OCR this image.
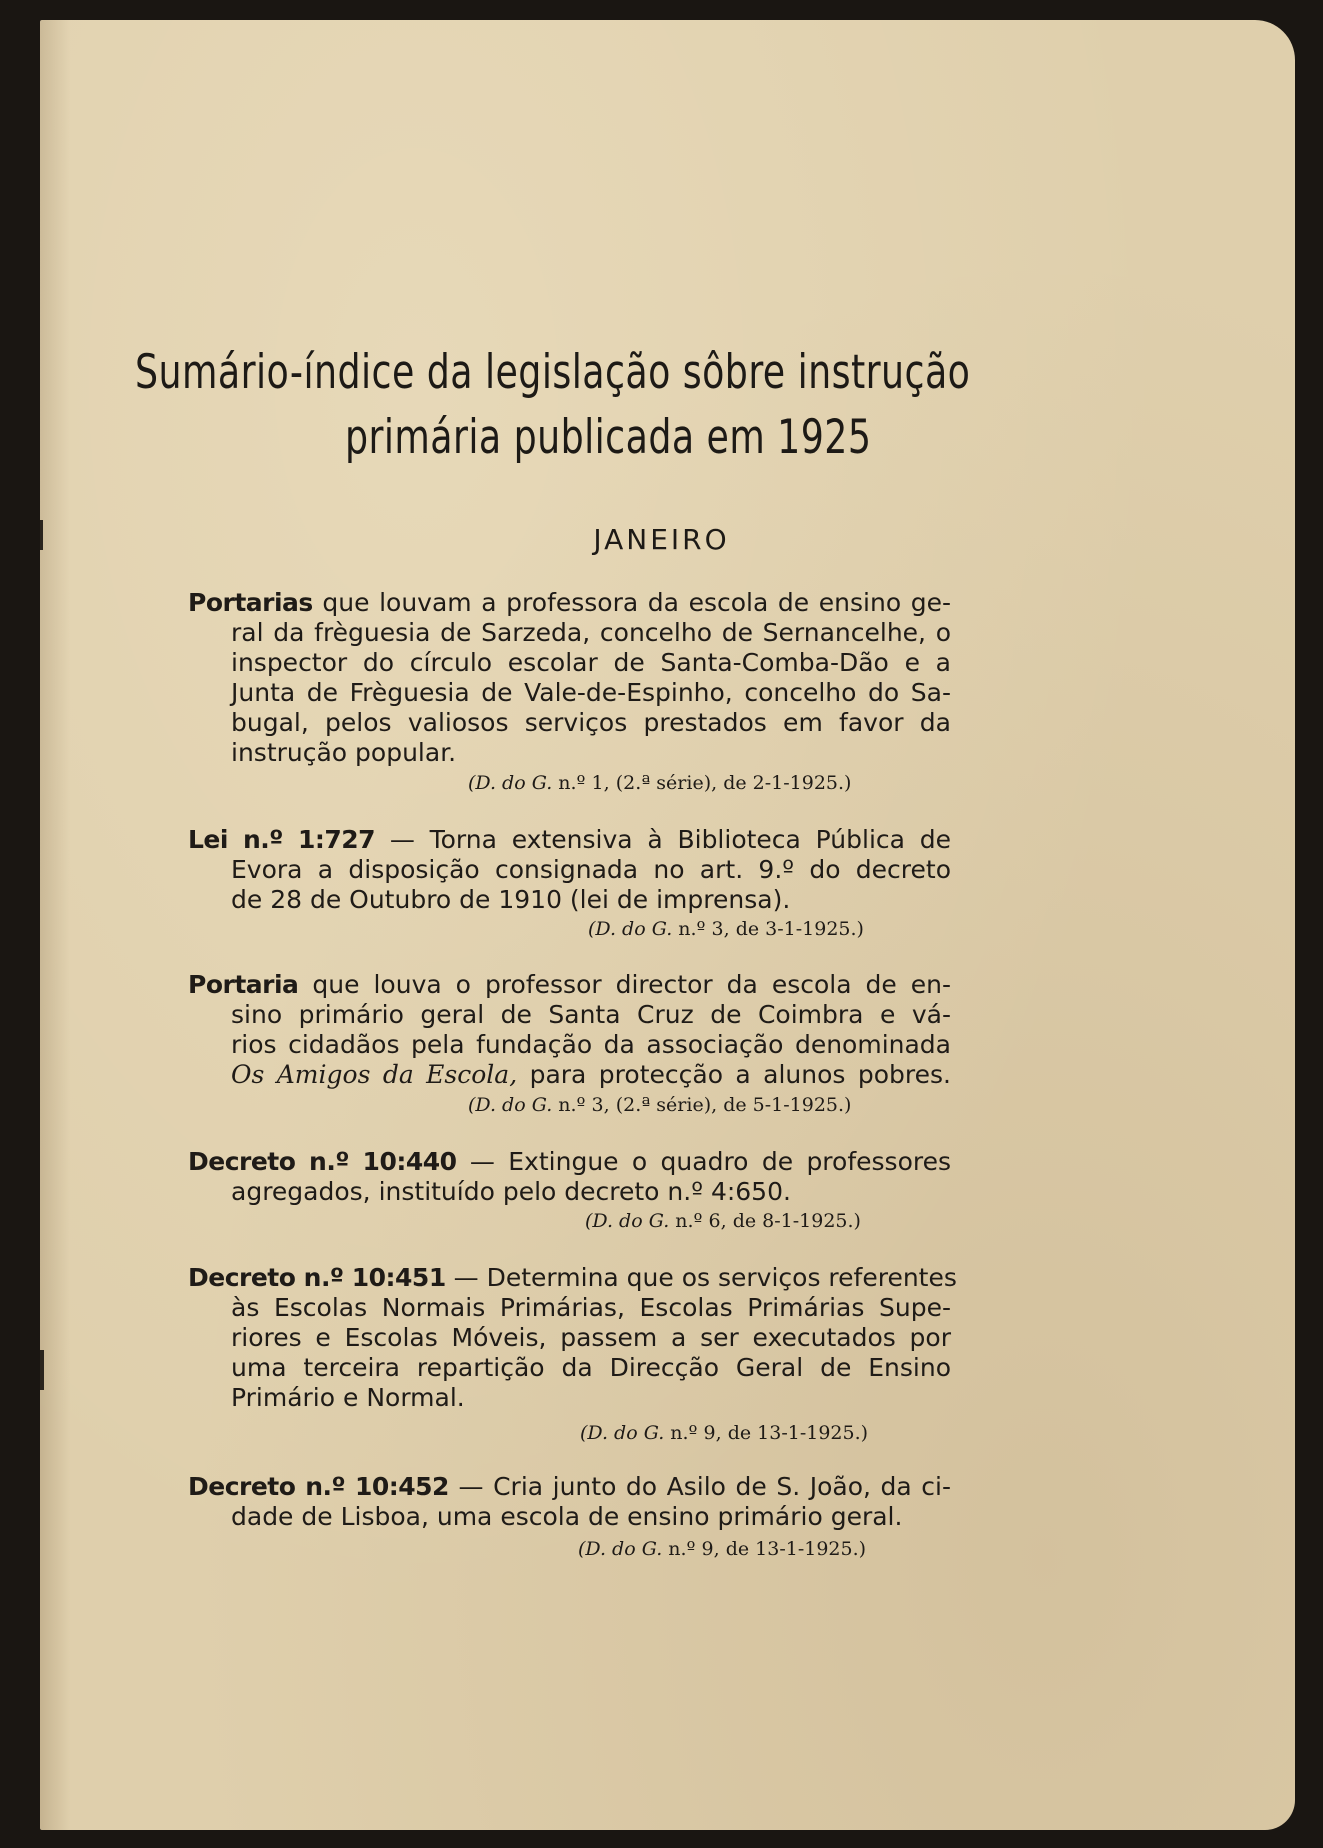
Sumário-índice da legislação sôbre instrução
primária publicada em 1925
JANEIRO
Portarias que louvam a professora da escola de ensino ge-
ral da frèguesia de Sarzeda, concelho de Sernancelhe, o
inspector do círculo escolar de Santa-Comba-Dão e a
Junta de Frèguesia de Vale-de-Espinho, concelho do Sa-
bugal, pelos valiosos serviços prestados em favor da
instrução popular.
(D. do G. n.º 1, (2.ª série), de 2-1-1925.)
Lei n.º 1:727 — Torna extensiva à Biblioteca Pública de
Evora a disposição consignada no art. 9.º do decreto
de 28 de Outubro de 1910 (lei de imprensa).
(D. do G. n.º 3, de 3-1-1925.)
Portaria que louva o professor director da escola de en-
sino primário geral de Santa Cruz de Coimbra e vá-
rios cidadãos pela fundação da associação denominada
Os Amigos da Escola, para protecção a alunos pobres.
(D. do G. n.º 3, (2.ª série), de 5-1-1925.)
Decreto n.º 10:440 — Extingue o quadro de professores
agregados, instituído pelo decreto n.º 4:650.
(D. do G. n.º 6, de 8-1-1925.)
Decreto n.º 10:451 — Determina que os serviços referentes
às Escolas Normais Primárias, Escolas Primárias Supe-
riores e Escolas Móveis, passem a ser executados por
uma terceira repartição da Direcção Geral de Ensino
Primário e Normal.
(D. do G. n.º 9, de 13-1-1925.)
Decreto n.º 10:452 — Cria junto do Asilo de S. João, da ci-
dade de Lisboa, uma escola de ensino primário geral.
(D. do G. n.º 9, de 13-1-1925.)
